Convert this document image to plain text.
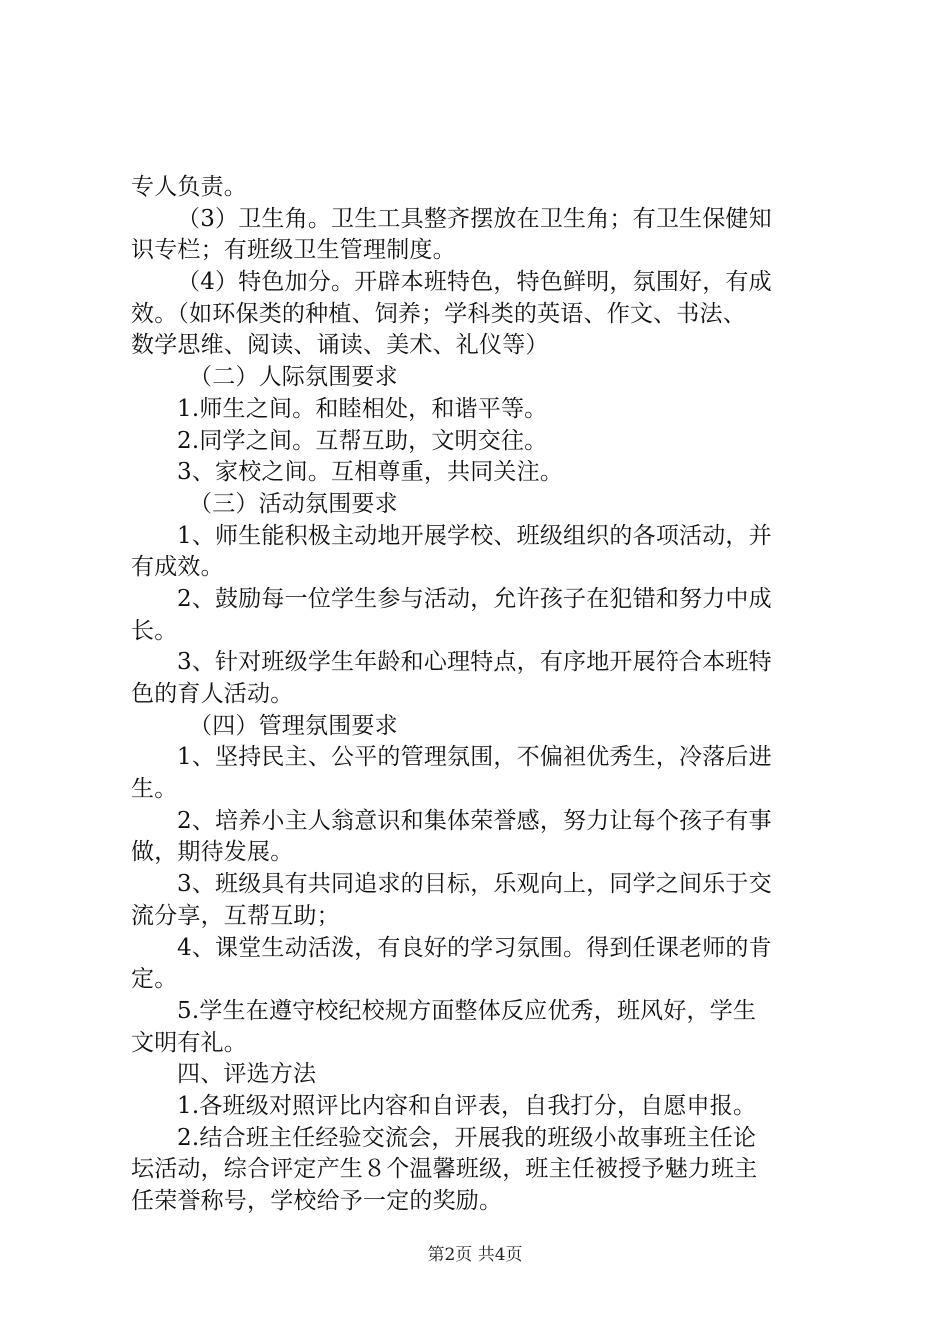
专人负责。
（3）卫生角。卫生工具整齐摆放在卫生角；有卫生保健知
识专栏；有班级卫生管理制度。
（4）特色加分。开辟本班特色，特色鲜明，氛围好，有成
效。（如环保类的种植、饲养；学科类的英语、作文、书法、
数学思维、阅读、诵读、美术、礼仪等）
（二）人际氛围要求
1.师生之间。和睦相处，和谐平等。
2.同学之间。互帮互助，文明交往。
3、家校之间。互相尊重，共同关注。
（三）活动氛围要求
1、师生能积极主动地开展学校、班级组织的各项活动，并
有成效。
2、鼓励每一位学生参与活动，允许孩子在犯错和努力中成
长。
3、针对班级学生年龄和心理特点，有序地开展符合本班特
色的育人活动。
（四）管理氛围要求
1、坚持民主、公平的管理氛围，不偏袒优秀生，冷落后进
生。
2、培养小主人翁意识和集体荣誉感，努力让每个孩子有事
做，期待发展。
3、班级具有共同追求的目标，乐观向上，同学之间乐于交
流分享，互帮互助；
4、课堂生动活泼，有良好的学习氛围。得到任课老师的肯
定。
5.学生在遵守校纪校规方面整体反应优秀，班风好，学生
文明有礼。
四、评选方法
1.各班级对照评比内容和自评表，自我打分，自愿申报。
2.结合班主任经验交流会，开展我的班级小故事班主任论
坛活动，综合评定产生８个温馨班级，班主任被授予魅力班主
任荣誉称号，学校给予一定的奖励。
第2页 共4页
